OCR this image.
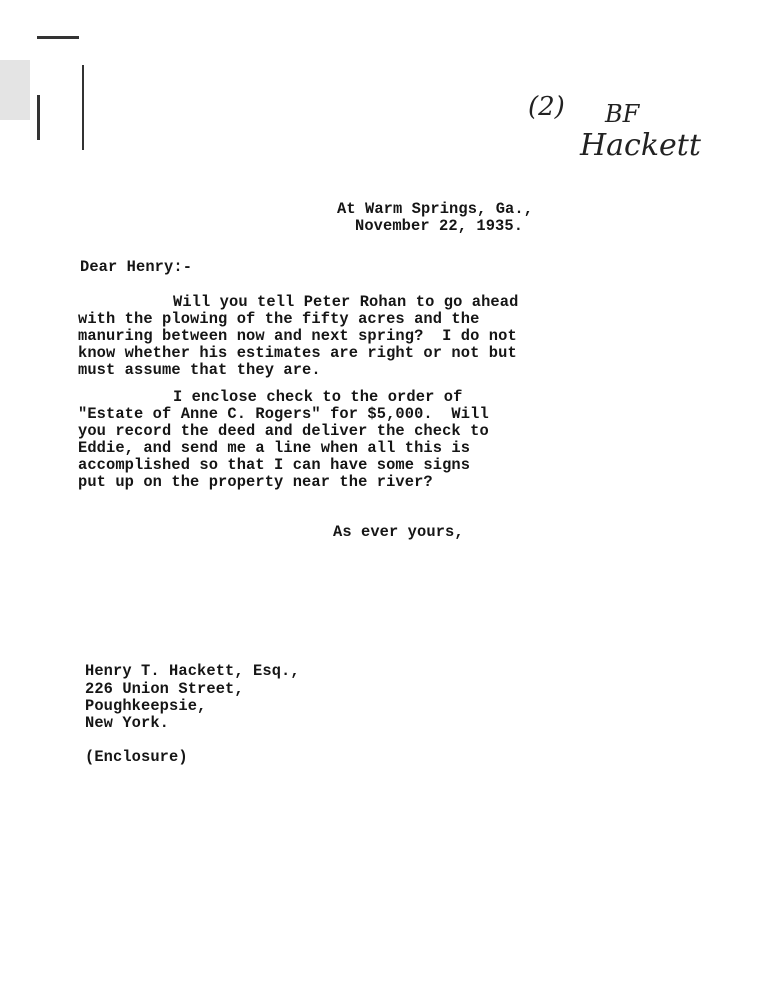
(2) BF
Hackett
At Warm Springs, Ga.,
November 22, 1935.
Dear Henry:-
Will you tell Peter Rohan to go ahead
with the plowing of the fifty acres and the
manuring between now and next spring?  I do not
know whether his estimates are right or not but
must assume that they are.
I enclose check to the order of
"Estate of Anne C. Rogers" for $5,000.  Will
you record the deed and deliver the check to
Eddie, and send me a line when all this is
accomplished so that I can have some signs
put up on the property near the river?
As ever yours,
Henry T. Hackett, Esq.,
226 Union Street,
Poughkeepsie,
New York.
(Enclosure)
